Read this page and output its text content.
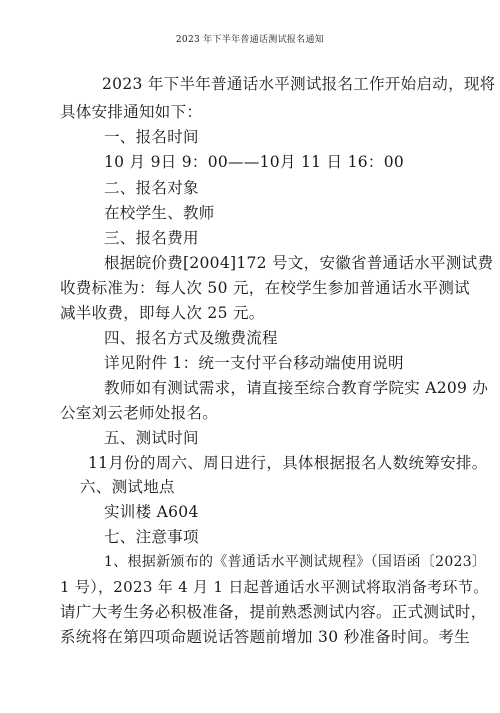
2023 年下半年普通话测试报名通知
2023 年下半年普通话水平测试报名工作开始启动，现将
具体安排通知如下：
一、报名时间
10 月 9日 9：00——10月 11 日 16：00
二、报名对象
在校学生、教师
三、报名费用
根据皖价费[2004]172 号文，安徽省普通话水平测试费
收费标准为：每人次 50 元，在校学生参加普通话水平测试
减半收费，即每人次 25 元。
四、报名方式及缴费流程
详见附件 1：统一支付平台移动端使用说明
教师如有测试需求，请直接至综合教育学院实 A209 办
公室刘云老师处报名。
五、测试时间
11月份的周六、周日进行，具体根据报名人数统筹安排。
六、测试地点
实训楼 A604
七、注意事项
1、根据新颁布的《普通话水平测试规程》（国语函〔2023〕
1 号），2023 年 4 月 1 日起普通话水平测试将取消备考环节。
请广大考生务必积极准备，提前熟悉测试内容。正式测试时，
系统将在第四项命题说话答题前增加 30 秒准备时间。考生
